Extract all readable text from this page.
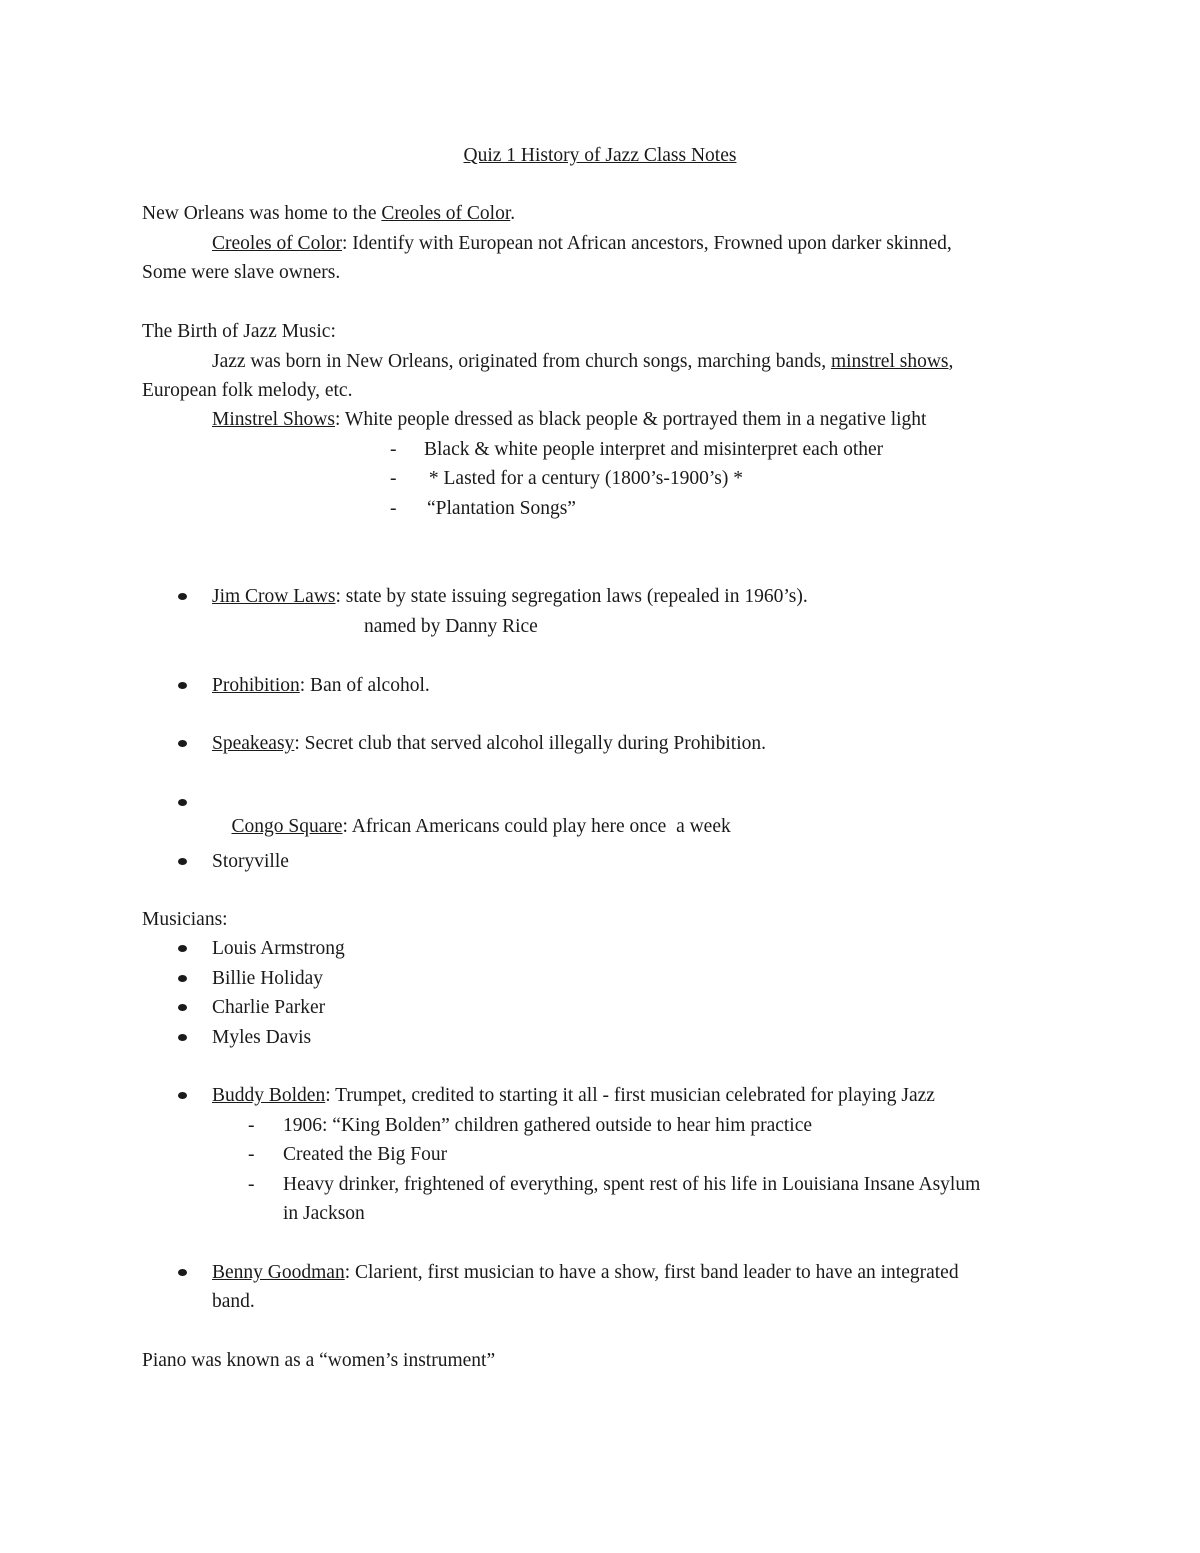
Quiz 1 History of Jazz Class Notes
New Orleans was home to the Creoles of Color.
Creoles of Color: Identify with European not African ancestors, Frowned upon darker skinned,
Some were slave owners.
The Birth of Jazz Music:
Jazz was born in New Orleans, originated from church songs, marching bands, minstrel shows,
European folk melody, etc.
Minstrel Shows: White people dressed as black people & portrayed them in a negative light
- Black & white people interpret and misinterpret each other
- * Lasted for a century (1800’s-1900’s) *
- “Plantation Songs”
Jim Crow Laws: state by state issuing segregation laws (repealed in 1960’s).
named by Danny Rice
Prohibition: Ban of alcohol.
Speakeasy: Secret club that served alcohol illegally during Prohibition.

Congo Square: African Americans could play here once  a week

Storyville
Musicians:
Louis Armstrong
Billie Holiday
Charlie Parker
Myles Davis
Buddy Bolden: Trumpet, credited to starting it all - first musician celebrated for playing Jazz
- 1906: “King Bolden” children gathered outside to hear him practice
- Created the Big Four
- Heavy drinker, frightened of everything, spent rest of his life in Louisiana Insane Asylum
in Jackson
Benny Goodman: Clarient, first musician to have a show, first band leader to have an integrated
band.
Piano was known as a “women’s instrument”
